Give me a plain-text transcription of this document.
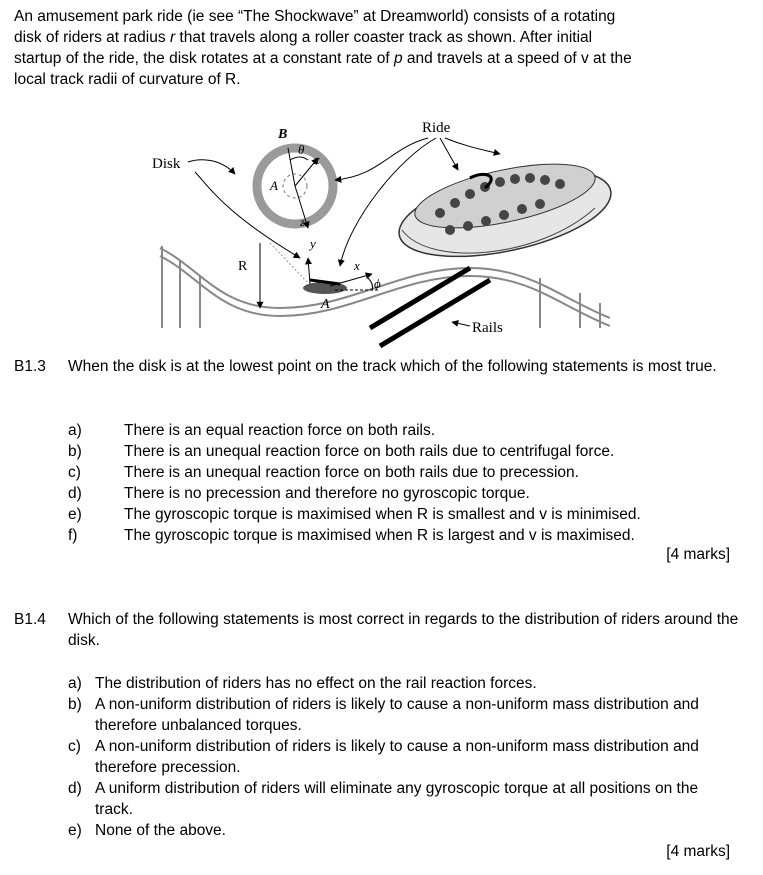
An amusement park ride (ie see “The Shockwave” at Dreamworld) consists of a rotating

disk of riders at radius r that travels along a roller coaster track as shown. After initial

startup of the ride, the disk rotates at a constant rate of p and travels at a speed of v at the

local track radii of curvature of R.

B
A
θ
x
z
Disk
y
x
ϕ
A
R
Rails
Ride
B1.3 When the disk is at the lowest point on the track which of the following statements is most true.
a)	There is an equal reaction force on both rails.
b)	There is an unequal reaction force on both rails due to centrifugal force.
c)	There is an unequal reaction force on both rails due to precession.
d)	There is no precession and therefore no gyroscopic torque.
e)	The gyroscopic torque is maximised when R is smallest and v is minimised.
f)	The gyroscopic torque is maximised when R is largest and v is maximised.
[4 marks]
B1.4 Which of the following statements is most correct in regards to the distribution of riders around the disk.
a) The distribution of riders has no effect on the rail reaction forces.
b) A non-uniform distribution of riders is likely to cause a non-uniform mass distribution and therefore unbalanced torques.
c) A non-uniform distribution of riders is likely to cause a non-uniform mass distribution and therefore precession.
d) A uniform distribution of riders will eliminate any gyroscopic torque at all positions on the track.
e) None of the above.
[4 marks]
